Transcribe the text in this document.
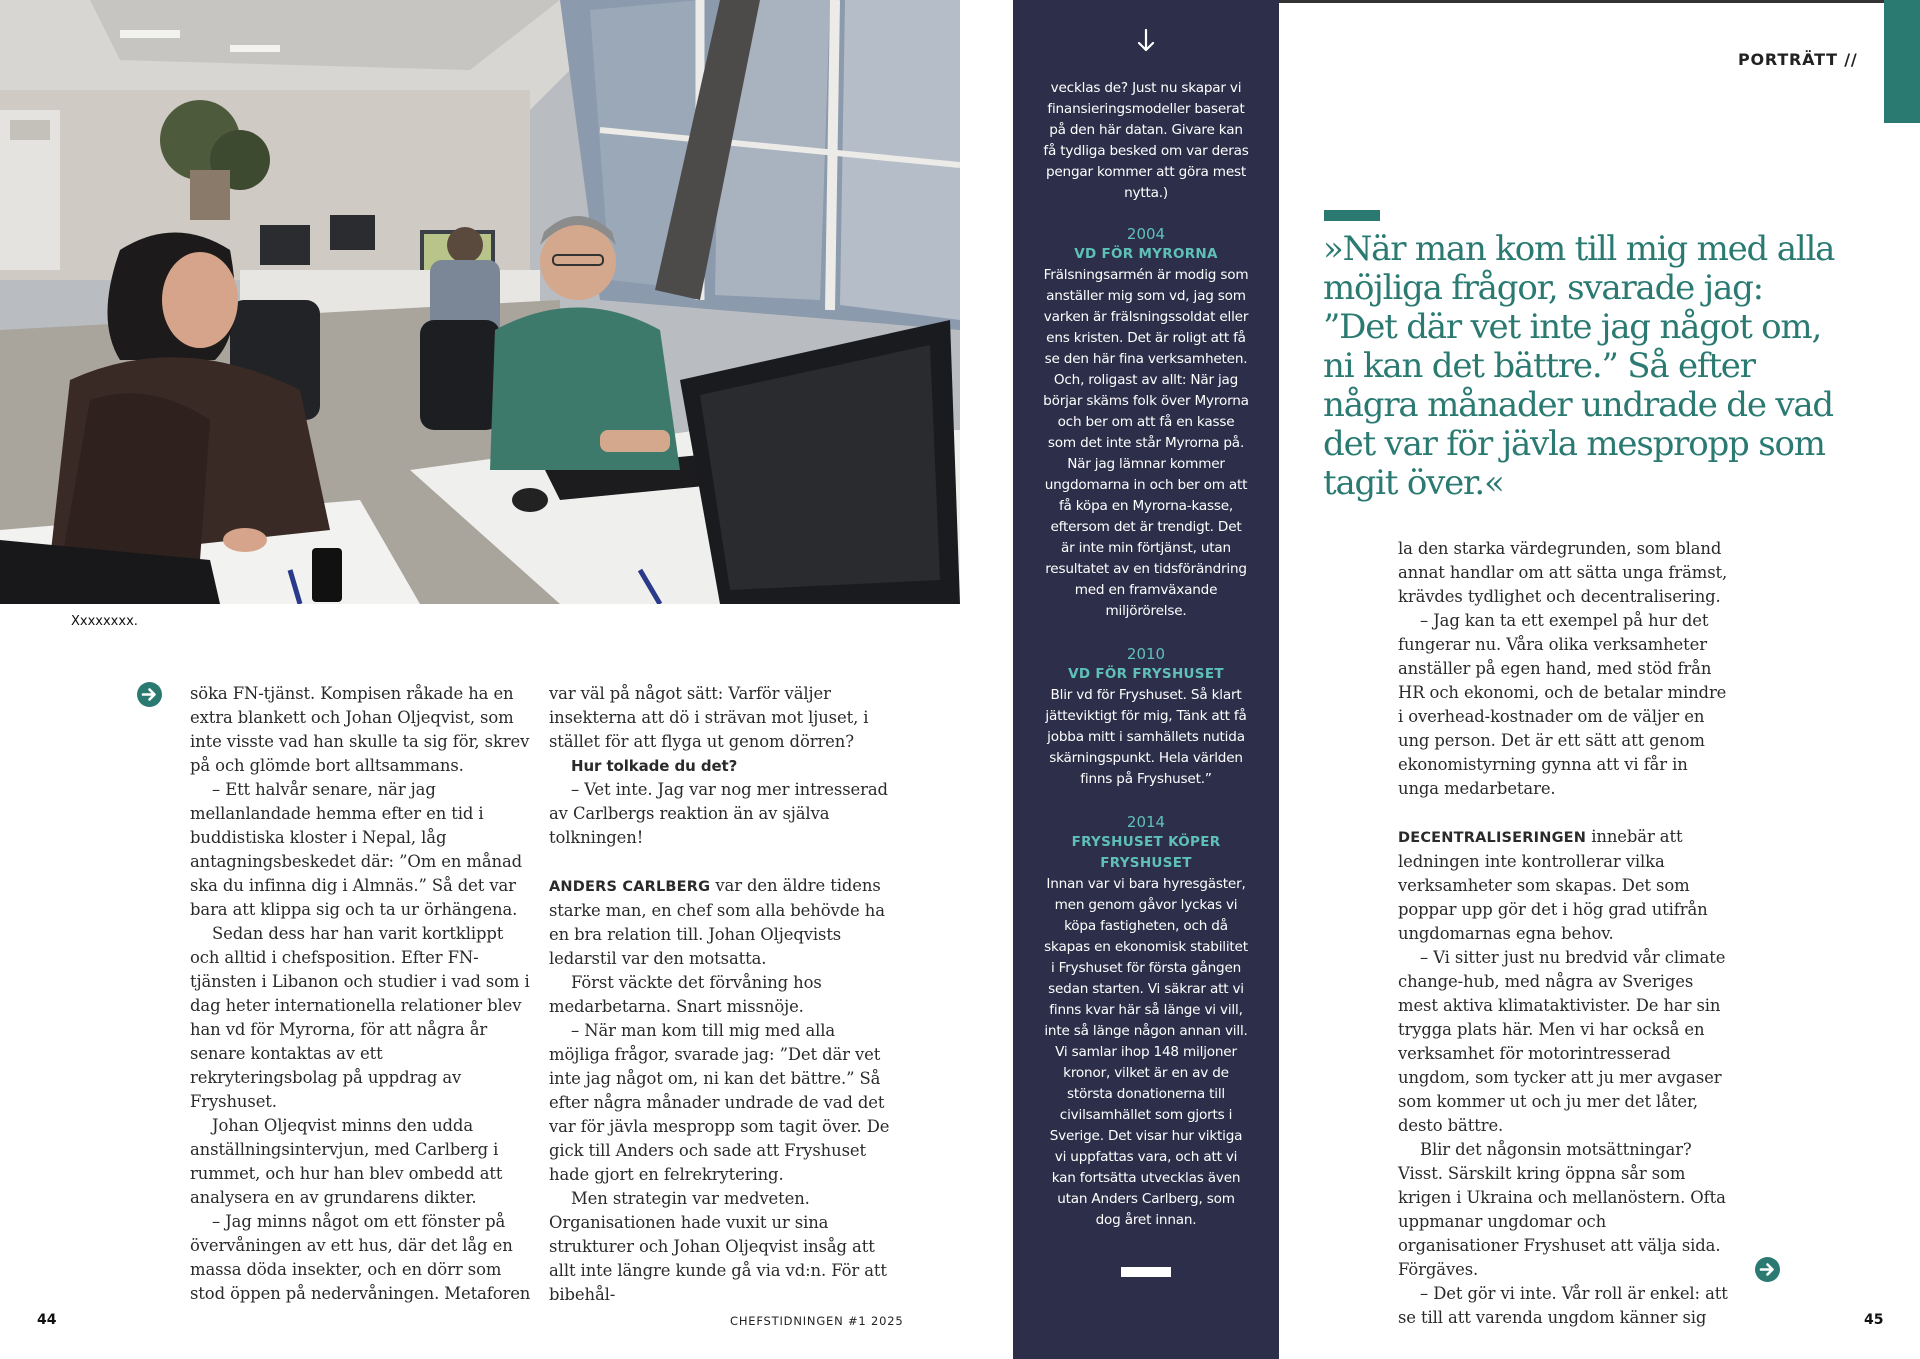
Xxxxxxxx.

söka FN-tjänst. Kompisen råkade ha en extra blankett och Johan Oljeqvist, som inte visste vad han skulle ta sig för, skrev på och glömde bort alltsammans.

– Ett halvår senare, när jag mellanlandade hemma efter en tid i buddistiska kloster i Nepal, låg antagningsbeskedet där: ”Om en månad ska du infinna dig i Almnäs.” Så det var bara att klippa sig och ta ur örhängena.

Sedan dess har han varit kortklippt och alltid i chefsposition. Efter FN-tjänsten i Libanon och studier i vad som i dag heter internationella relationer blev han vd för Myrorna, för att några år senare kontaktas av ett rekryteringsbolag på uppdrag av Fryshuset.

Johan Oljeqvist minns den udda anställningsintervjun, med Carlberg i rummet, och hur han blev ombedd att analysera en av grundarens dikter.

– Jag minns något om ett fönster på övervåningen av ett hus, där det låg en massa döda insekter, och en dörr som stod öppen på nedervåningen. Metaforen

var väl på något sätt: Varför väljer insekterna att dö i strävan mot ljuset, i stället för att flyga ut genom dörren?

Hur tolkade du det?

– Vet inte. Jag var nog mer intresserad av Carlbergs reaktion än av själva tolkningen!

ANDERS CARLBERG var den äldre tidens starke man, en chef som alla behövde ha en bra relation till. Johan Oljeqvists ledarstil var den motsatta.

Först väckte det förvåning hos medarbetarna. Snart missnöje.

– När man kom till mig med alla möjliga frågor, svarade jag: ”Det där vet inte jag något om, ni kan det bättre.” Så efter några månader undrade de vad det var för jävla mespropp som tagit över. De gick till Anders och sade att Fryshuset hade gjort en felrekrytering.

Men strategin var medveten. Organisationen hade vuxit ur sina strukturer och Johan Oljeqvist insåg att allt inte längre kunde gå via vd:n. För att bibehål-

44	CHEFSTIDNINGEN #1 2025
vecklas de? Just nu skapar vi finansieringsmodeller baserat på den här datan. Givare kan få tydliga besked om var deras pengar kommer att göra mest nytta.)
2004
VD FÖR MYRORNA
Frälsningsarmén är modig som anställer mig som vd, jag som varken är frälsningssoldat eller ens kristen. Det är roligt att få se den här fina verksamheten. Och, roligast av allt: När jag börjar skäms folk över Myrorna och ber om att få en kasse som det inte står Myrorna på. När jag lämnar kommer ungdomarna in och ber om att få köpa en Myrorna-kasse, eftersom det är trendigt. Det är inte min förtjänst, utan resultatet av en tidsförändring med en framväxande miljörörelse.
2010
VD FÖR FRYSHUSET
Blir vd för Fryshuset. Så klart jätteviktigt för mig, Tänk att få jobba mitt i samhällets nutida skärningspunkt. Hela världen finns på Fryshuset.”
2014
FRYSHUSET KÖPER FRYSHUSET
Innan var vi bara hyresgäster, men genom gåvor lyckas vi köpa fastigheten, och då skapas en ekonomisk stabilitet i Fryshuset för första gången sedan starten. Vi säkrar att vi finns kvar här så länge vi vill, inte så länge någon annan vill. Vi samlar ihop 148 miljoner kronor, vilket är en av de största donationerna till civilsamhället som gjorts i Sverige. Det visar hur viktiga vi uppfattas vara, och att vi kan fortsätta utvecklas även utan Anders Carlberg, som dog året innan.
PORTRÄTT //
»När man kom till mig med alla möjliga frågor, svarade jag: ”Det där vet inte jag något om, ni kan det bättre.” Så efter några månader undrade de vad det var för jävla mespropp som tagit över.«

la den starka värdegrunden, som bland annat handlar om att sätta unga främst, krävdes tydlighet och decentralisering.

– Jag kan ta ett exempel på hur det fungerar nu. Våra olika verksamheter anställer på egen hand, med stöd från HR och ekonomi, och de betalar mindre i overhead-kostnader om de väljer en ung person. Det är ett sätt att genom ekonomistyrning gynna att vi får in unga medarbetare.

DECENTRALISERINGEN innebär att ledningen inte kontrollerar vilka verksamheter som skapas. Det som poppar upp gör det i hög grad utifrån ungdomarnas egna behov.

– Vi sitter just nu bredvid vår climate change-hub, med några av Sveriges mest aktiva klimataktivister. De har sin trygga plats här. Men vi har också en verksamhet för motorintresserad ungdom, som tycker att ju mer avgaser som kommer ut och ju mer det låter, desto bättre.

Blir det någonsin motsättningar? Visst. Särskilt kring öppna sår som krigen i Ukraina och mellanöstern. Ofta uppmanar ungdomar och organisationer Fryshuset att välja sida. Förgäves.

– Det gör vi inte. Vår roll är enkel: att se till att varenda ungdom känner sig	45
